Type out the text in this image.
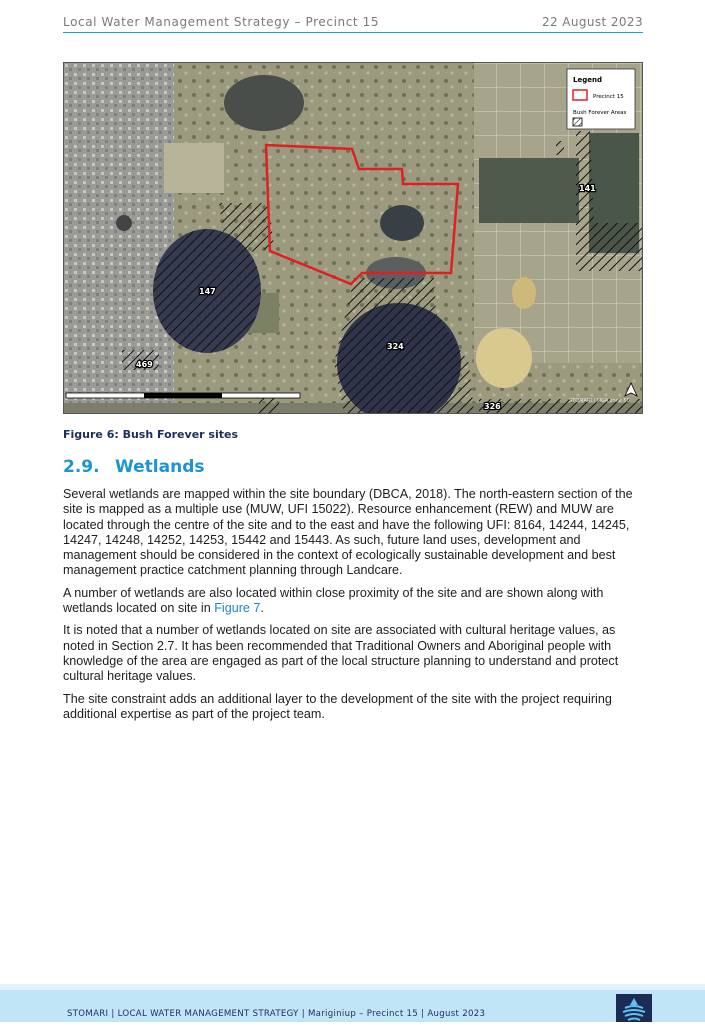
Local Water Management Strategy – Precinct 15	22 August 2023
147
324
141
469
326
STOMARI | MGA zone 50
Legend
Precinct 15
Bush Forever Areas
Figure 6: Bush Forever sites
2.9. Wetlands

Several wetlands are mapped within the site boundary (DBCA, 2018). The north-eastern section of the site is mapped as a multiple use (MUW, UFI 15022). Resource enhancement (REW) and MUW are located through the centre of the site and to the east and have the following UFI: 8164, 14244, 14245, 14247, 14248, 14252, 14253, 15442 and 15443. As such, future land uses, development and management should be considered in the context of ecologically sustainable development and best management practice catchment planning through Landcare.

A number of wetlands are also located within close proximity of the site and are shown along with wetlands located on site in Figure 7.

It is noted that a number of wetlands located on site are associated with cultural heritage values, as noted in Section 2.7. It has been recommended that Traditional Owners and Aboriginal people with knowledge of the area are engaged as part of the local structure planning to understand and protect cultural heritage values.

The site constraint adds an additional layer to the development of the site with the project requiring additional expertise as part of the project team.

STOMARI | LOCAL WATER MANAGEMENT STRATEGY | Mariginiup – Precinct 15 | August 2023
